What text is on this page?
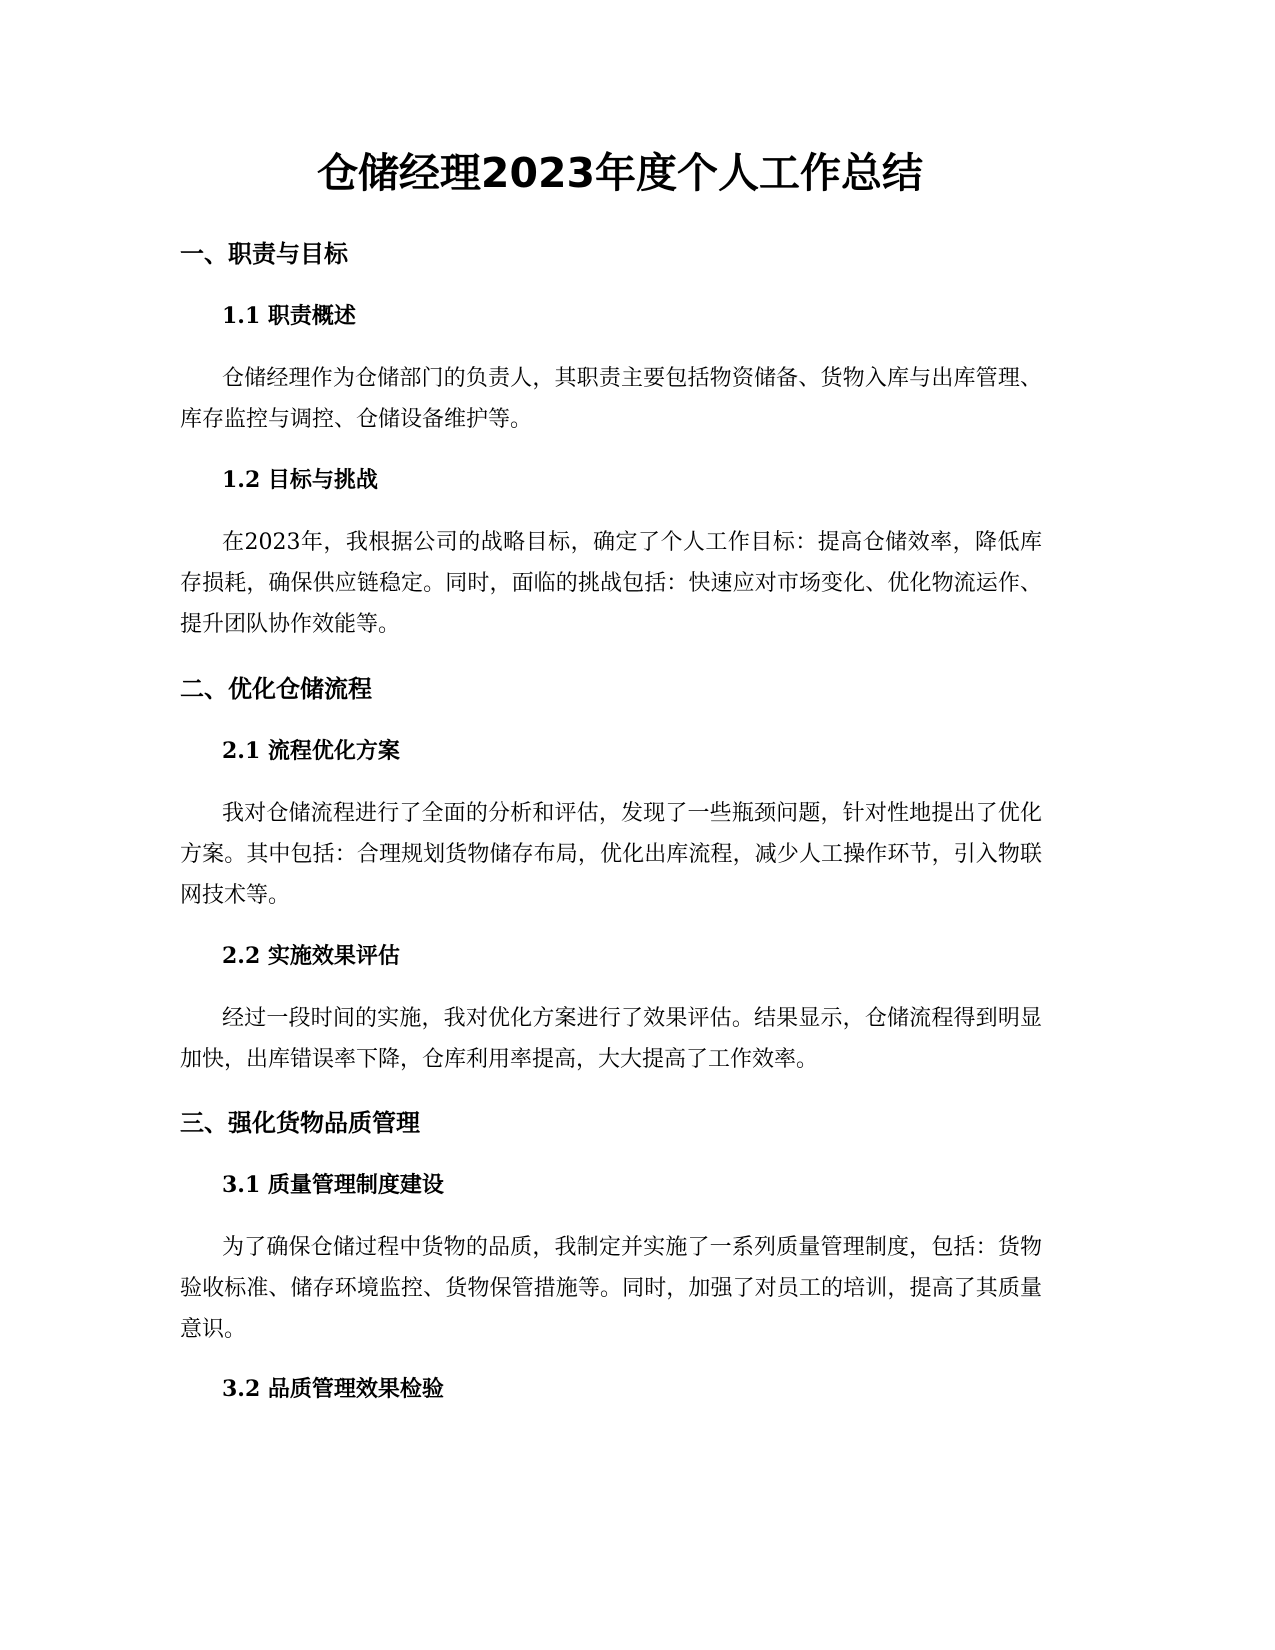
仓储经理2023年度个人工作总结
一、职责与目标
1.1 职责概述

仓储经理作为仓储部门的负责人，其职责主要包括物资储备、货物入库与出库管理、库存监控与调控、仓储设备维护等。

1.2 目标与挑战

在2023年，我根据公司的战略目标，确定了个人工作目标：提高仓储效率，降低库存损耗，确保供应链稳定。同时，面临的挑战包括：快速应对市场变化、优化物流运作、提升团队协作效能等。

二、优化仓储流程
2.1 流程优化方案

我对仓储流程进行了全面的分析和评估，发现了一些瓶颈问题，针对性地提出了优化方案。其中包括：合理规划货物储存布局，优化出库流程，减少人工操作环节，引入物联网技术等。

2.2 实施效果评估

经过一段时间的实施，我对优化方案进行了效果评估。结果显示，仓储流程得到明显加快，出库错误率下降，仓库利用率提高，大大提高了工作效率。

三、强化货物品质管理
3.1 质量管理制度建设

为了确保仓储过程中货物的品质，我制定并实施了一系列质量管理制度，包括：货物验收标准、储存环境监控、货物保管措施等。同时，加强了对员工的培训，提高了其质量意识。

3.2 品质管理效果检验
